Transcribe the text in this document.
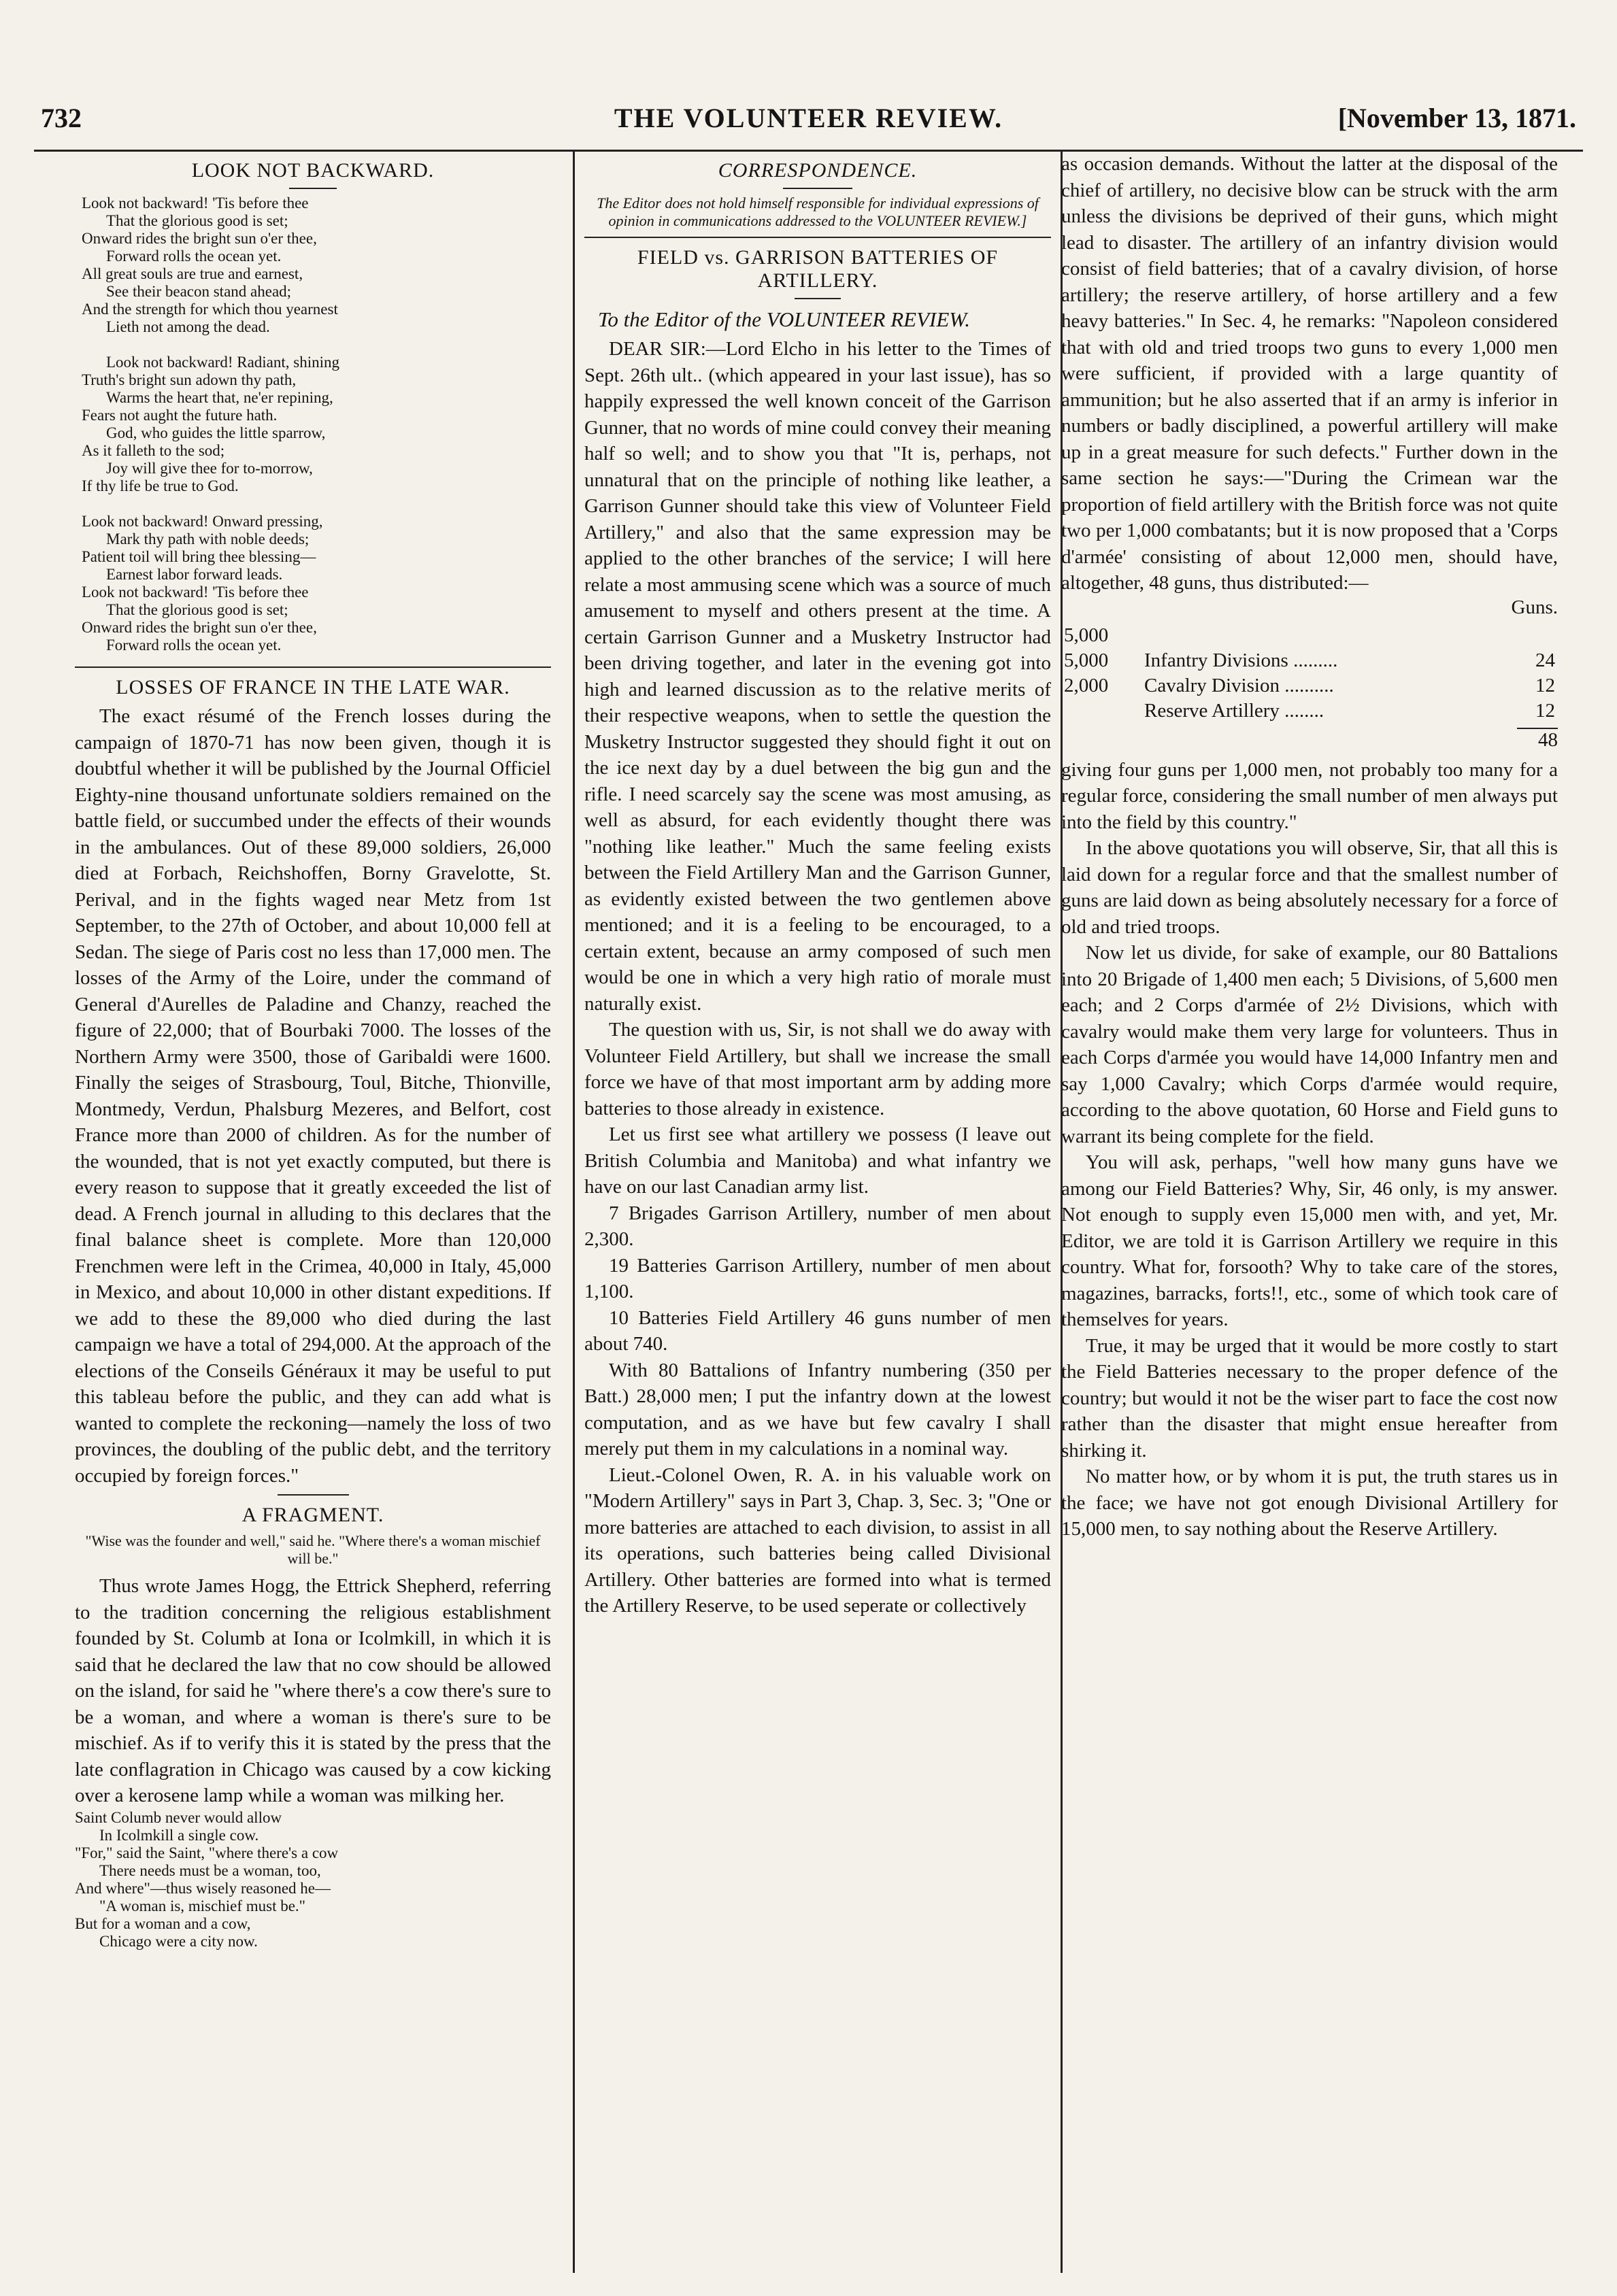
732	THE VOLUNTEER REVIEW.	[November 13, 1871.
LOOK NOT BACKWARD.
Look not backward! 'Tis before thee
That the glorious good is set;
Onward rides the bright sun o'er thee,
Forward rolls the ocean yet.
All great souls are true and earnest,
See their beacon stand ahead;
And the strength for which thou yearnest
Lieth not among the dead.

Look not backward! Radiant, shining
Truth's bright sun adown thy path,
Warms the heart that, ne'er repining,
Fears not aught the future hath.
God, who guides the little sparrow,
As it falleth to the sod;
Joy will give thee for to-morrow,
If thy life be true to God.

Look not backward! Onward pressing,
Mark thy path with noble deeds;
Patient toil will bring thee blessing—
Earnest labor forward leads.
Look not backward! 'Tis before thee
That the glorious good is set;
Onward rides the bright sun o'er thee,
Forward rolls the ocean yet.
LOSSES OF FRANCE IN THE LATE WAR.

The exact résumé of the French losses during the campaign of 1870-71 has now been given, though it is doubtful whether it will be published by the Journal Officiel Eighty-nine thousand unfortunate soldiers remained on the battle field, or succumbed under the effects of their wounds in the ambulances. Out of these 89,000 soldiers, 26,000 died at Forbach, Reichshoffen, Borny Gravelotte, St. Perival, and in the fights waged near Metz from 1st September, to the 27th of October, and about 10,000 fell at Sedan. The siege of Paris cost no less than 17,000 men. The losses of the Army of the Loire, under the command of General d'Aurelles de Paladine and Chanzy, reached the figure of 22,000; that of Bourbaki 7000. The losses of the Northern Army were 3500, those of Garibaldi were 1600. Finally the seiges of Strasbourg, Toul, Bitche, Thionville, Montmedy, Verdun, Phalsburg Mezeres, and Belfort, cost France more than 2000 of children. As for the number of the wounded, that is not yet exactly computed, but there is every reason to suppose that it greatly exceeded the list of dead. A French journal in alluding to this declares that the final balance sheet is complete. More than 120,000 Frenchmen were left in the Crimea, 40,000 in Italy, 45,000 in Mexico, and about 10,000 in other distant expeditions. If we add to these the 89,000 who died during the last campaign we have a total of 294,000. At the approach of the elections of the Conseils Généraux it may be useful to put this tableau before the public, and they can add what is wanted to complete the reckoning—namely the loss of two provinces, the doubling of the public debt, and the territory occupied by foreign forces."

A FRAGMENT.
"Wise was the founder and well," said he. "Where there's a woman mischief will be."

Thus wrote James Hogg, the Ettrick Shepherd, referring to the tradition concerning the religious establishment founded by St. Columb at Iona or Icolmkill, in which it is said that he declared the law that no cow should be allowed on the island, for said he "where there's a cow there's sure to be a woman, and where a woman is there's sure to be mischief. As if to verify this it is stated by the press that the late conflagration in Chicago was caused by a cow kicking over a kerosene lamp while a woman was milking her.

Saint Columb never would allow
In Icolmkill a single cow.
"For," said the Saint, "where there's a cow
There needs must be a woman, too,
And where"—thus wisely reasoned he—
"A woman is, mischief must be."
But for a woman and a cow,
Chicago were a city now.
CORRESPONDENCE.
The Editor does not hold himself responsible for individual expressions of opinion in communications addressed to the VOLUNTEER REVIEW.]
FIELD vs. GARRISON BATTERIES OF ARTILLERY.
To the Editor of the VOLUNTEER REVIEW.

DEAR SIR:—Lord Elcho in his letter to the Times of Sept. 26th ult.. (which appeared in your last issue), has so happily expressed the well known conceit of the Garrison Gunner, that no words of mine could convey their meaning half so well; and to show you that "It is, perhaps, not unnatural that on the principle of nothing like leather, a Garrison Gunner should take this view of Volunteer Field Artillery," and also that the same expression may be applied to the other branches of the service; I will here relate a most ammusing scene which was a source of much amusement to myself and others present at the time. A certain Garrison Gunner and a Musketry Instructor had been driving together, and later in the evening got into high and learned discussion as to the relative merits of their respective weapons, when to settle the question the Musketry Instructor suggested they should fight it out on the ice next day by a duel between the big gun and the rifle. I need scarcely say the scene was most amusing, as well as absurd, for each evidently thought there was "nothing like leather." Much the same feeling exists between the Field Artillery Man and the Garrison Gunner, as evidently existed between the two gentlemen above mentioned; and it is a feeling to be encouraged, to a certain extent, because an army composed of such men would be one in which a very high ratio of morale must naturally exist.

The question with us, Sir, is not shall we do away with Volunteer Field Artillery, but shall we increase the small force we have of that most important arm by adding more batteries to those already in existence.

Let us first see what artillery we possess (I leave out British Columbia and Manitoba) and what infantry we have on our last Canadian army list.

7 Brigades Garrison Artillery, number of men about 2,300.

19 Batteries Garrison Artillery, number of men about 1,100.

10 Batteries Field Artillery 46 guns number of men about 740.

With 80 Battalions of Infantry numbering (350 per Batt.) 28,000 men; I put the infantry down at the lowest computation, and as we have but few cavalry I shall merely put them in my calculations in a nominal way.

Lieut.-Colonel Owen, R. A. in his valuable work on "Modern Artillery" says in Part 3, Chap. 3, Sec. 3; "One or more batteries are attached to each division, to assist in all its operations, such batteries being called Divisional Artillery. Other batteries are formed into what is termed the Artillery Reserve, to be used seperate or collectively

as occasion demands. Without the latter at the disposal of the chief of artillery, no decisive blow can be struck with the arm unless the divisions be deprived of their guns, which might lead to disaster. The artillery of an infantry division would consist of field batteries; that of a cavalry division, of horse artillery; the reserve artillery, of horse artillery and a few heavy batteries." In Sec. 4, he remarks: "Napoleon considered that with old and tried troops two guns to every 1,000 men were sufficient, if provided with a large quantity of ammunition; but he also asserted that if an army is inferior in numbers or badly disciplined, a powerful artillery will make up in a great measure for such defects." Further down in the same section he says:—"During the Crimean war the proportion of field artillery with the British force was not quite two per 1,000 combatants; but it is now proposed that a 'Corps d'armée' consisting of about 12,000 men, should have, altogether, 48 guns, thus distributed:—

Guns.
5,000		
5,000	Infantry Divisions .........	24
2,000	Cavalry Division ..........	12
	Reserve Artillery ........	12
48

giving four guns per 1,000 men, not probably too many for a regular force, considering the small number of men always put into the field by this country."

In the above quotations you will observe, Sir, that all this is laid down for a regular force and that the smallest number of guns are laid down as being absolutely necessary for a force of old and tried troops.

Now let us divide, for sake of example, our 80 Battalions into 20 Brigade of 1,400 men each; 5 Divisions, of 5,600 men each; and 2 Corps d'armée of 2½ Divisions, which with cavalry would make them very large for volunteers. Thus in each Corps d'armée you would have 14,000 Infantry men and say 1,000 Cavalry; which Corps d'armée would require, according to the above quotation, 60 Horse and Field guns to warrant its being complete for the field.

You will ask, perhaps, "well how many guns have we among our Field Batteries? Why, Sir, 46 only, is my answer. Not enough to supply even 15,000 men with, and yet, Mr. Editor, we are told it is Garrison Artillery we require in this country. What for, forsooth? Why to take care of the stores, magazines, barracks, forts!!, etc., some of which took care of themselves for years.

True, it may be urged that it would be more costly to start the Field Batteries necessary to the proper defence of the country; but would it not be the wiser part to face the cost now rather than the disaster that might ensue hereafter from shirking it.

No matter how, or by whom it is put, the truth stares us in the face; we have not got enough Divisional Artillery for 15,000 men, to say nothing about the Reserve Artillery.
